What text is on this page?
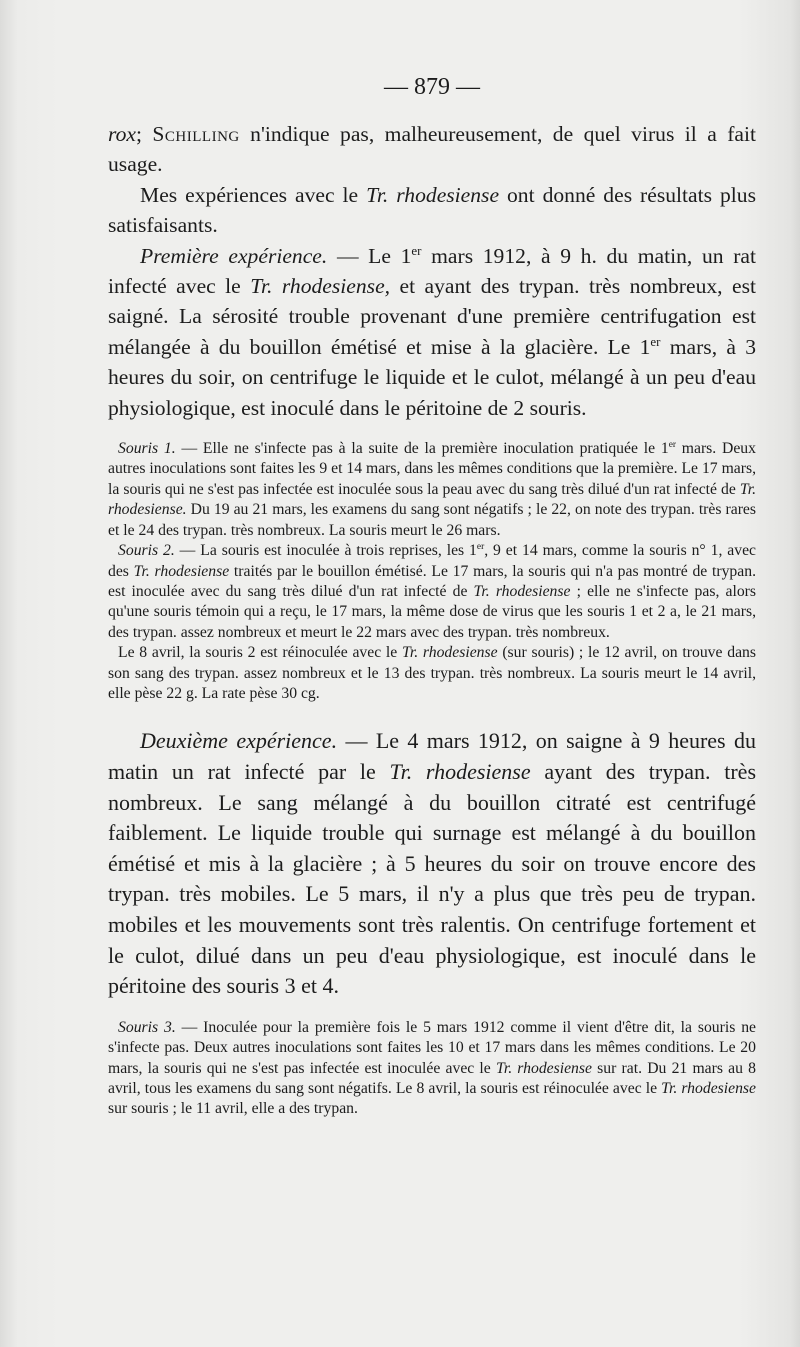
— 879 —

rox; Schilling n'indique pas, malheureusement, de quel virus il a fait usage.

Mes expériences avec le Tr. rhodesiense ont donné des résultats plus satisfaisants.

Première expérience. — Le 1er mars 1912, à 9 h. du matin, un rat infecté avec le Tr. rhodesiense, et ayant des trypan. très nombreux, est saigné. La sérosité trouble provenant d'une première centrifugation est mélangée à du bouillon émétisé et mise à la glacière. Le 1er mars, à 3 heures du soir, on centrifuge le liquide et le culot, mélangé à un peu d'eau physiologique, est inoculé dans le péritoine de 2 souris.

Souris 1. — Elle ne s'infecte pas à la suite de la première inoculation pratiquée le 1er mars. Deux autres inoculations sont faites les 9 et 14 mars, dans les mêmes conditions que la première. Le 17 mars, la souris qui ne s'est pas infectée est inoculée sous la peau avec du sang très dilué d'un rat infecté de Tr. rhodesiense. Du 19 au 21 mars, les examens du sang sont négatifs ; le 22, on note des trypan. très rares et le 24 des trypan. très nombreux. La souris meurt le 26 mars.

Souris 2. — La souris est inoculée à trois reprises, les 1er, 9 et 14 mars, comme la souris n° 1, avec des Tr. rhodesiense traités par le bouillon émétisé. Le 17 mars, la souris qui n'a pas montré de trypan. est inoculée avec du sang très dilué d'un rat infecté de Tr. rhodesiense ; elle ne s'infecte pas, alors qu'une souris témoin qui a reçu, le 17 mars, la même dose de virus que les souris 1 et 2 a, le 21 mars, des trypan. assez nombreux et meurt le 22 mars avec des trypan. très nombreux.

Le 8 avril, la souris 2 est réinoculée avec le Tr. rhodesiense (sur souris) ; le 12 avril, on trouve dans son sang des trypan. assez nombreux et le 13 des trypan. très nombreux. La souris meurt le 14 avril, elle pèse 22 g. La rate pèse 30 cg.

Deuxième expérience. — Le 4 mars 1912, on saigne à 9 heures du matin un rat infecté par le Tr. rhodesiense ayant des trypan. très nombreux. Le sang mélangé à du bouillon citraté est centrifugé faiblement. Le liquide trouble qui surnage est mélangé à du bouillon émétisé et mis à la glacière ; à 5 heures du soir on trouve encore des trypan. très mobiles. Le 5 mars, il n'y a plus que très peu de trypan. mobiles et les mouvements sont très ralentis. On centrifuge fortement et le culot, dilué dans un peu d'eau physiologique, est inoculé dans le péritoine des souris 3 et 4.

Souris 3. — Inoculée pour la première fois le 5 mars 1912 comme il vient d'être dit, la souris ne s'infecte pas. Deux autres inoculations sont faites les 10 et 17 mars dans les mêmes conditions. Le 20 mars, la souris qui ne s'est pas infectée est inoculée avec le Tr. rhodesiense sur rat. Du 21 mars au 8 avril, tous les examens du sang sont négatifs. Le 8 avril, la souris est réinoculée avec le Tr. rhodesiense sur souris ; le 11 avril, elle a des trypan.
